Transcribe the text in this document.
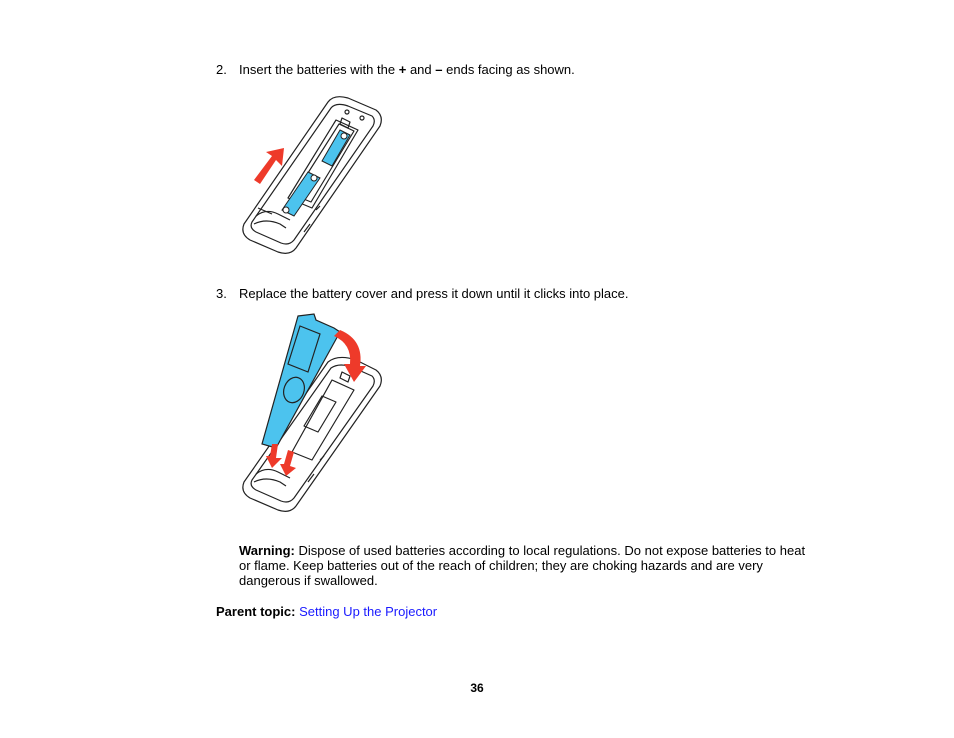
2. Insert the batteries with the + and – ends facing as shown.
3. Replace the battery cover and press it down until it clicks into place.
Warning: Dispose of used batteries according to local regulations. Do not expose batteries to heat or flame. Keep batteries out of the reach of children; they are choking hazards and are very dangerous if swallowed.
Parent topic: Setting Up the Projector
36
